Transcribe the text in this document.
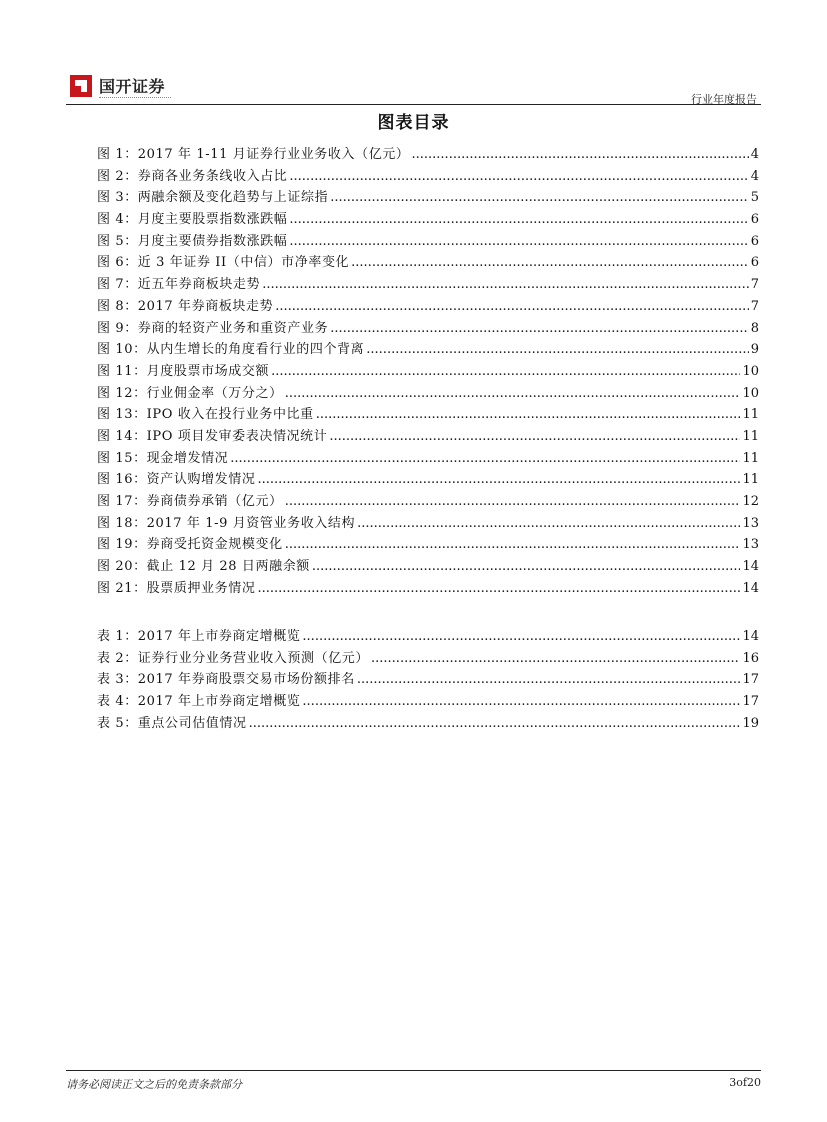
国开证券
行业年度报告
图表目录
图 1：2017 年 1-11 月证券行业业务收入（亿元） .....	4
图 2：券商各业务条线收入占比 .....	4
图 3：两融余额及变化趋势与上证综指 .....	5
图 4：月度主要股票指数涨跌幅 .....	6
图 5：月度主要债券指数涨跌幅 .....	6
图 6：近 3 年证券 II（中信）市净率变化 .....	6
图 7：近五年券商板块走势 .....	7
图 8：2017 年券商板块走势 .....	7
图 9：券商的轻资产业务和重资产业务 .....	8
图 10：从内生增长的角度看行业的四个背离 .....	9
图 11：月度股票市场成交额 .....	10
图 12：行业佣金率（万分之） .....	10
图 13：IPO 收入在投行业务中比重 .....	11
图 14：IPO 项目发审委表决情况统计 .....	11
图 15：现金增发情况 .....	11
图 16：资产认购增发情况 .....	11
图 17：券商债券承销（亿元） .....	12
图 18：2017 年 1-9 月资管业务收入结构 .....	13
图 19：券商受托资金规模变化 .....	13
图 20：截止 12 月 28 日两融余额 .....	14
图 21：股票质押业务情况 .....	14
表 1：2017 年上市券商定增概览 .....	14
表 2：证券行业分业务营业收入预测（亿元） .....	16
表 3：2017 年券商股票交易市场份额排名 .....	17
表 4：2017 年上市券商定增概览 .....	17
表 5：重点公司估值情况 .....	19
请务必阅读正文之后的免责条款部分	3of20
